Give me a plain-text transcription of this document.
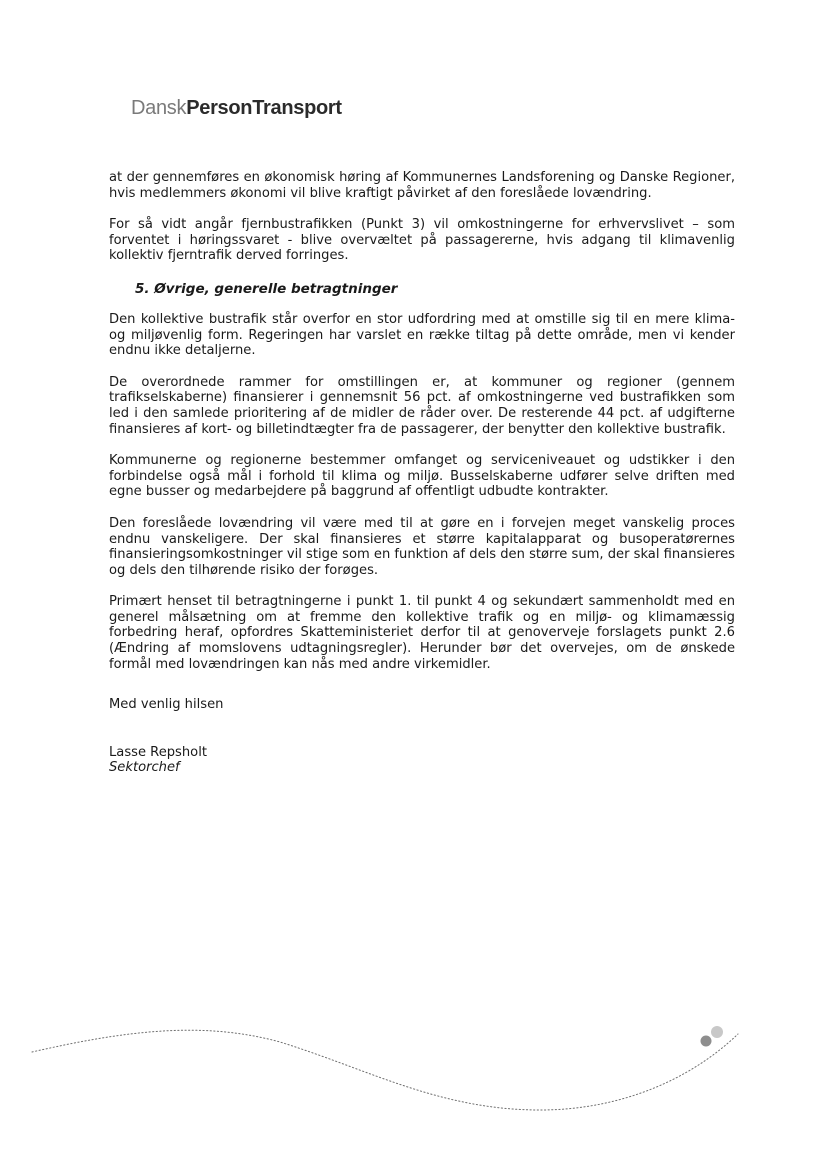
DanskPersonTransport

at der gennemføres en økonomisk høring af Kommunernes Landsforening og Danske Regioner, hvis medlemmers økonomi vil blive kraftigt påvirket af den foreslåede lovændring.

For så vidt angår fjernbustrafikken (Punkt 3) vil omkostningerne for erhvervslivet – som forventet i høringssvaret - blive overvæltet på passagererne, hvis adgang til klimavenlig kollektiv fjerntrafik derved forringes.

5. Øvrige, generelle betragtninger

Den kollektive bustrafik står overfor en stor udfordring med at omstille sig til en mere klima- og miljøvenlig form. Regeringen har varslet en række tiltag på dette område, men vi kender endnu ikke detaljerne.

De overordnede rammer for omstillingen er, at kommuner og regioner (gennem trafikselskaberne) finansierer i gennemsnit 56 pct. af omkostningerne ved bustrafikken som led i den samlede prioritering af de midler de råder over. De resterende 44 pct. af udgifterne finansieres af kort- og billetindtægter fra de passagerer, der benytter den kollektive bustrafik.

Kommunerne og regionerne bestemmer omfanget og serviceniveauet og udstikker i den forbindelse også mål i forhold til klima og miljø. Busselskaberne udfører selve driften med egne busser og medarbejdere på baggrund af offentligt udbudte kontrakter.

Den foreslåede lovændring vil være med til at gøre en i forvejen meget vanskelig proces endnu vanskeligere. Der skal finansieres et større kapitalapparat og busoperatørernes finansieringsomkostninger vil stige som en funktion af dels den større sum, der skal finansieres og dels den tilhørende risiko der forøges.

Primært henset til betragtningerne i punkt 1. til punkt 4 og sekundært sammenholdt med en generel målsætning om at fremme den kollektive trafik og en miljø- og klimamæssig forbedring heraf, opfordres Skatteministeriet derfor til at genoverveje forslagets punkt 2.6 (Ændring af momslovens udtagningsregler). Herunder bør det overvejes, om de ønskede formål med lovændringen kan nås med andre virkemidler.

Med venlig hilsen

Lasse Repsholt
Sektorchef
